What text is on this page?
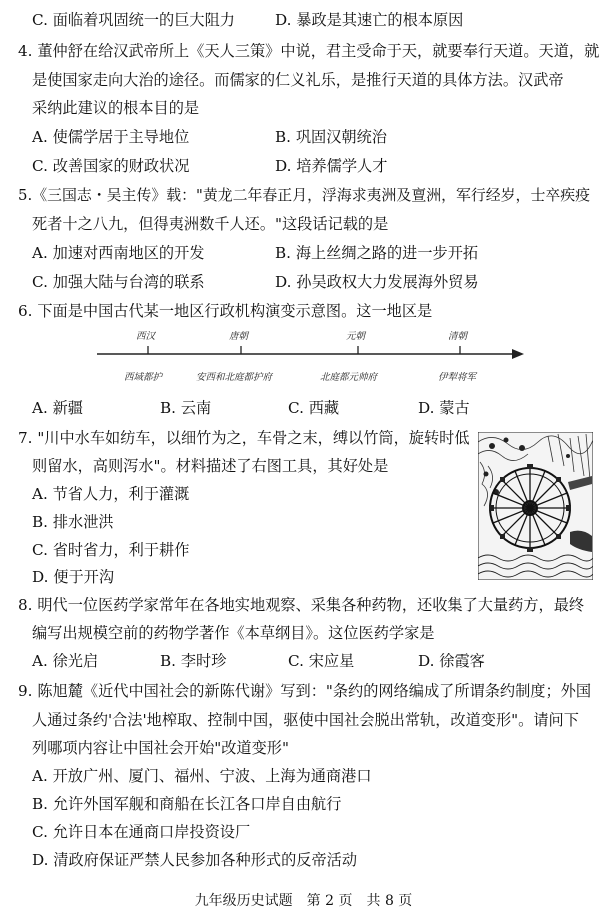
C. 面临着巩固统一的巨大阻力	D. 暴政是其速亡的根本原因
4. 董仲舒在给汉武帝所上《天人三策》中说，君主受命于天，就要奉行天道。天道，就
是使国家走向大治的途径。而儒家的仁义礼乐，是推行天道的具体方法。汉武帝
采纳此建议的根本目的是
A. 使儒学居于主导地位	B. 巩固汉朝统治
C. 改善国家的财政状况	D. 培养儒学人才
5.《三国志・吴主传》载："黄龙二年春正月，浮海求夷洲及亶洲，军行经岁，士卒疾疫
死者十之八九，但得夷洲数千人还。"这段话记载的是
A. 加速对西南地区的开发	B. 海上丝绸之路的进一步开拓
C. 加强大陆与台湾的联系	D. 孙吴政权大力发展海外贸易
6. 下面是中国古代某一地区行政机构演变示意图。这一地区是
西汉	唐朝	元朝	清朝
西域都护	安西和北庭都护府	北庭都元帅府	伊犁将军
A. 新疆	B. 云南	C. 西藏	D. 蒙古
7. "川中水车如纺车，以细竹为之，车骨之末，缚以竹筒，旋转时低
则留水，高则泻水"。材料描述了右图工具，其好处是
A. 节省人力，利于灌溉
B. 排水泄洪
C. 省时省力，利于耕作
D. 便于开沟
8. 明代一位医药学家常年在各地实地观察、采集各种药物，还收集了大量药方，最终
编写出规模空前的药物学著作《本草纲目》。这位医药学家是
A. 徐光启	B. 李时珍	C. 宋应星	D. 徐霞客
9. 陈旭麓《近代中国社会的新陈代谢》写到："条约的网络编成了所谓条约制度；外国
人通过条约'合法'地榨取、控制中国，驱使中国社会脱出常轨，改道变形"。请问下
列哪项内容让中国社会开始"改道变形"
A. 开放广州、厦门、福州、宁波、上海为通商港口
B. 允许外国军舰和商船在长江各口岸自由航行
C. 允许日本在通商口岸投资设厂
D. 清政府保证严禁人民参加各种形式的反帝活动
九年级历史试题　第 2 页　共 8 页
